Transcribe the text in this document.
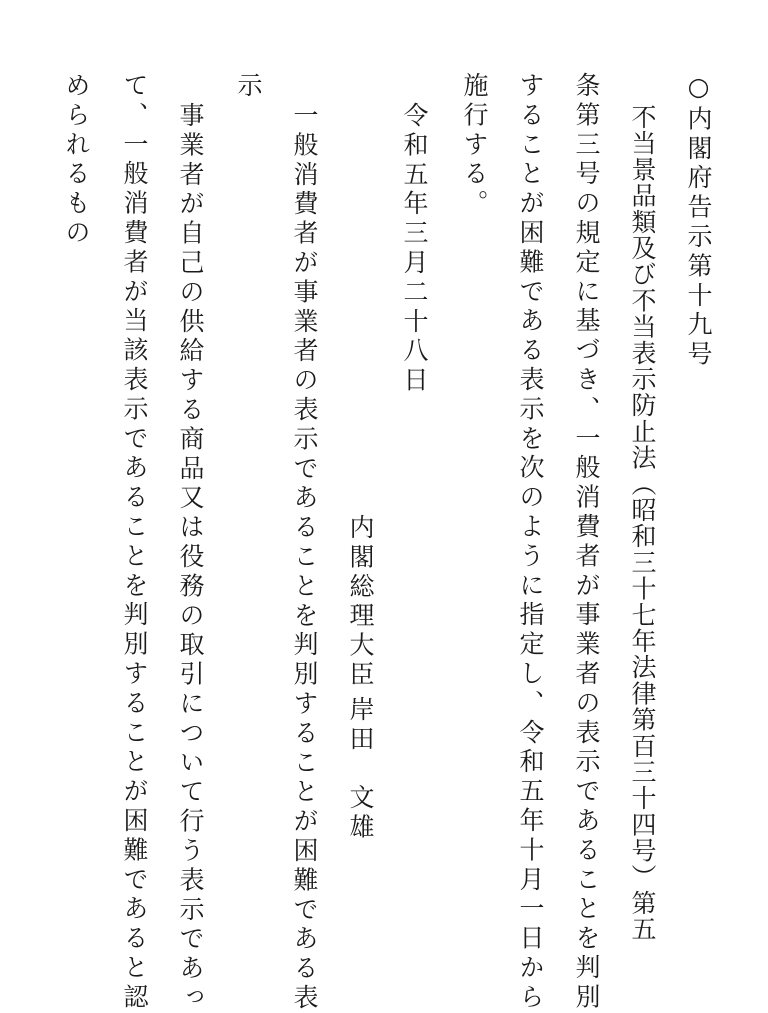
○内閣府告示第十九号
不当景品類及び不当表示防止法（昭和三十七年法律第百三十四号）第五
条第三号の規定に基づき、一般消費者が事業者の表示であることを判別
することが困難である表示を次のように指定し、令和五年十月一日から
施行する。
令和五年三月二十八日
内閣総理大臣
岸田　文雄
一般消費者が事業者の表示であることを判別することが困難である表
示
事業者が自己の供給する商品又は役務の取引について行う表示であっ
て、一般消費者が当該表示であることを判別することが困難であると認
められるもの
